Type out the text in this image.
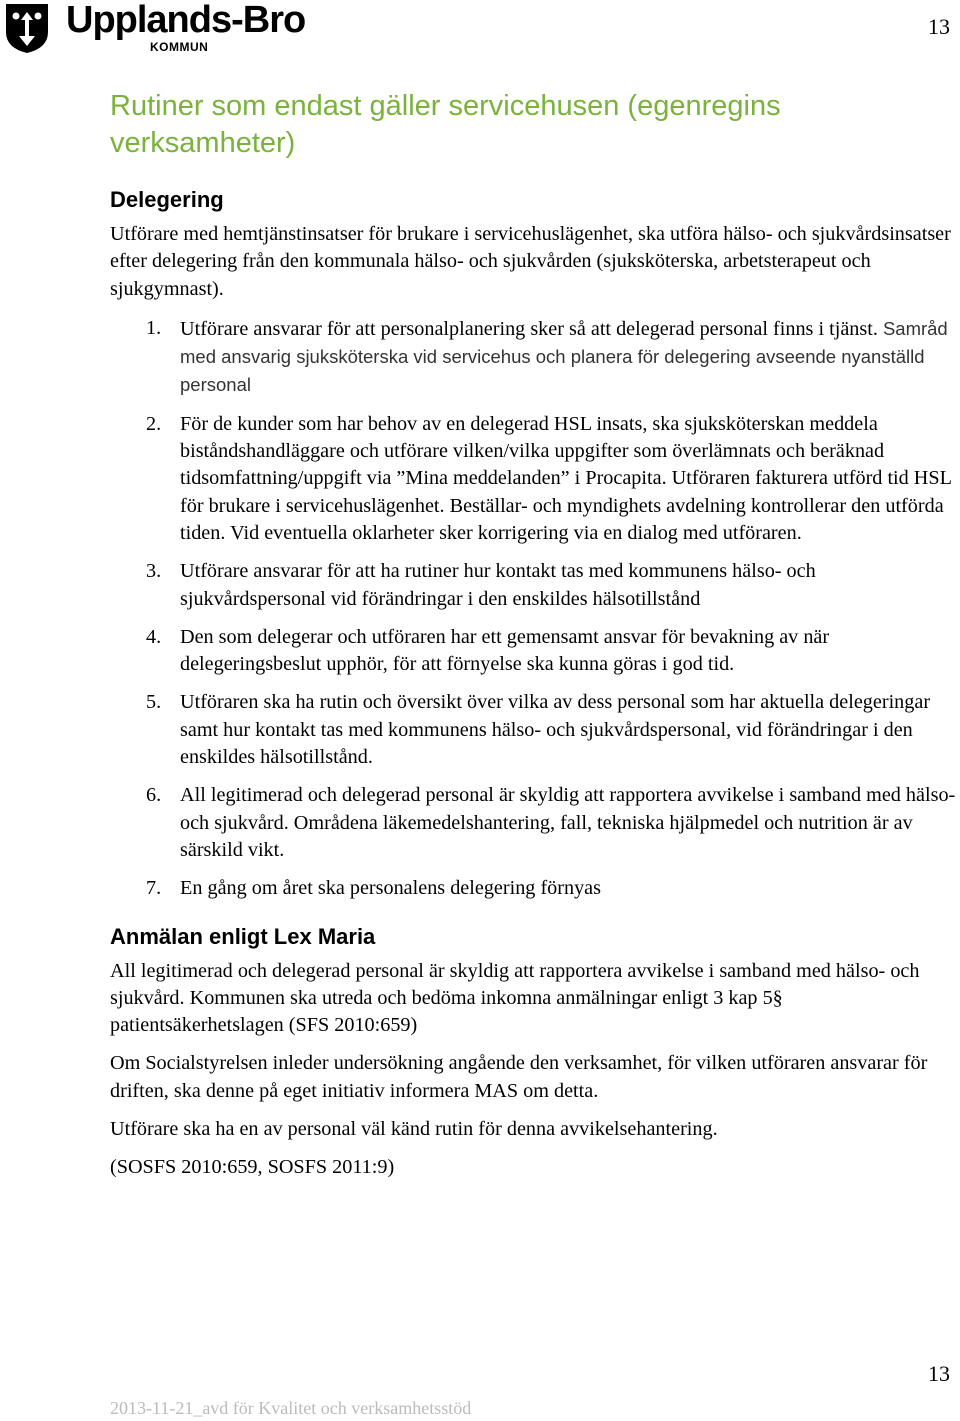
Upplands-Bro
KOMMUN
13
Rutiner som endast gäller servicehusen (egenregins verksamheter)
Delegering

Utförare med hemtjänstinsatser för brukare i servicehuslägenhet, ska utföra hälso- och sjukvårdsinsatser efter delegering från den kommunala hälso- och sjukvården (sjuksköterska, arbetsterapeut och sjukgymnast).

1. Utförare ansvarar för att personalplanering sker så att delegerad personal finns i tjänst. Samråd med ansvarig sjuksköterska vid servicehus och planera för delegering avseende nyanställd personal
2. För de kunder som har behov av en delegerad HSL insats, ska sjuksköterskan meddela biståndshandläggare och utförare vilken/vilka uppgifter som överlämnats och beräknad tidsomfattning/uppgift via ”Mina meddelanden” i Procapita. Utföraren fakturera utförd tid HSL för brukare i servicehuslägenhet. Beställar- och myndighets avdelning kontrollerar den utförda tiden. Vid eventuella oklarheter sker korrigering via en dialog med utföraren.
3. Utförare ansvarar för att ha rutiner hur kontakt tas med kommunens hälso- och sjukvårdspersonal vid förändringar i den enskildes hälsotillstånd
4. Den som delegerar och utföraren har ett gemensamt ansvar för bevakning av när delegeringsbeslut upphör, för att förnyelse ska kunna göras i god tid.
5. Utföraren ska ha rutin och översikt över vilka av dess personal som har aktuella delegeringar samt hur kontakt tas med kommunens hälso- och sjukvårdspersonal, vid förändringar i den enskildes hälsotillstånd.
6. All legitimerad och delegerad personal är skyldig att rapportera avvikelse i samband med hälso- och sjukvård. Områdena läkemedelshantering, fall, tekniska hjälpmedel och nutrition är av särskild vikt.
7. En gång om året ska personalens delegering förnyas
Anmälan enligt Lex Maria

All legitimerad och delegerad personal är skyldig att rapportera avvikelse i samband med hälso- och sjukvård. Kommunen ska utreda och bedöma inkomna anmälningar enligt 3 kap 5§ patientsäkerhetslagen (SFS 2010:659)

Om Socialstyrelsen inleder undersökning angående den verksamhet, för vilken utföraren ansvarar för driften, ska denne på eget initiativ informera MAS om detta.

Utförare ska ha en av personal väl känd rutin för denna avvikelsehantering.

(SOSFS 2010:659, SOSFS 2011:9)

13
2013-11-21_avd för Kvalitet och verksamhetsstöd
